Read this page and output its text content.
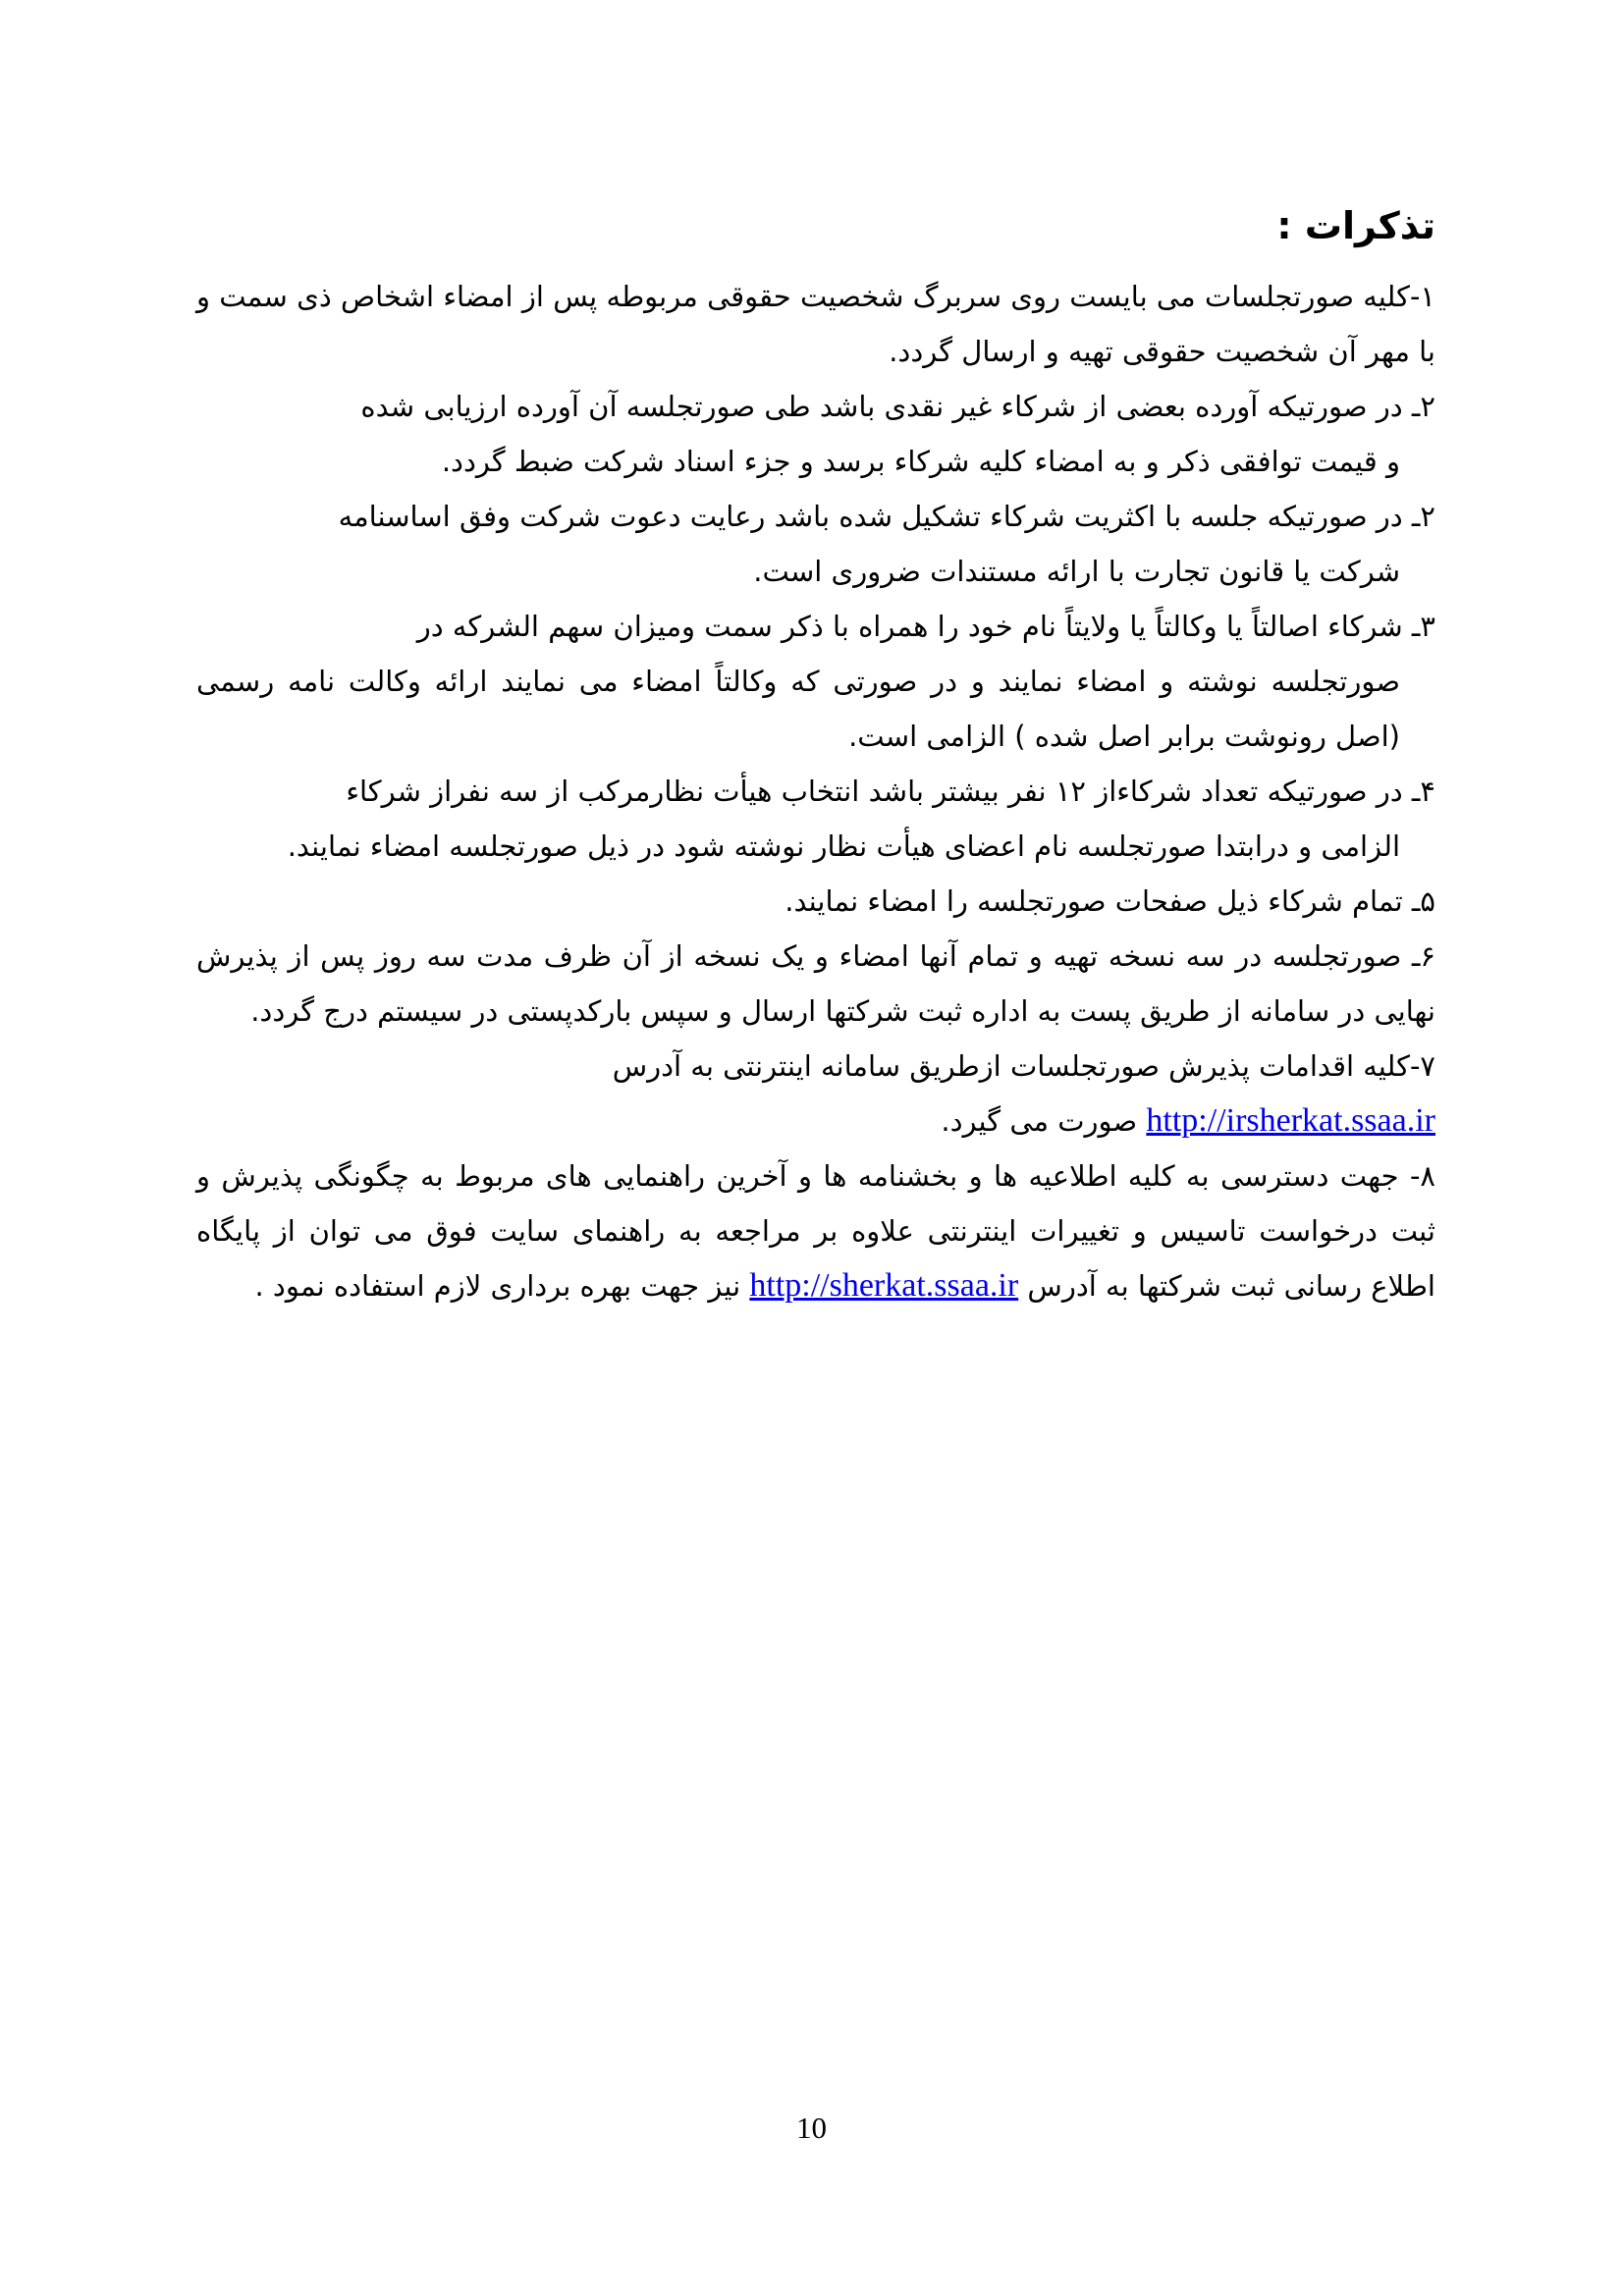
تذکرات :

۱-کلیه صورتجلسات می بایست روی سربرگ شخصیت حقوقی مربوطه پس از امضاء اشخاص ذی سمت و با مهر آن شخصیت حقوقی تهیه و ارسال گردد.

۲ـ در صورتیکه آورده بعضی از شرکاء غیر نقدی باشد طی صورتجلسه آن آورده ارزیابی شده
و قیمت توافقی ذکر و به امضاء کلیه شرکاء برسد و جزء اسناد شرکت ضبط گردد.

۲ـ در صورتیکه جلسه با اکثریت شرکاء تشکیل شده باشد رعایت دعوت شرکت وفق اساسنامه
شرکت یا قانون تجارت با ارائه مستندات ضروری است.

۳ـ شرکاء اصالتاً یا وکالتاً یا ولایتاً نام خود را همراه با ذکر سمت ومیزان سهم الشرکه در
صورتجلسه نوشته و امضاء نمایند و در صورتی که وکالتاً امضاء می نمایند ارائه وکالت نامه رسمی (اصل رونوشت برابر اصل شده ) الزامی است.

۴ـ در صورتیکه تعداد شرکاءاز ۱۲ نفر بیشتر باشد انتخاب هیأت نظارمرکب از سه نفراز شرکاء
الزامی و درابتدا صورتجلسه نام اعضای هیأت نظار نوشته شود در ذیل صورتجلسه امضاء نمایند.

۵ـ تمام شرکاء ذیل صفحات صورتجلسه را امضاء نمایند.

۶ـ صورتجلسه در سه نسخه تهیه و تمام آنها امضاء و یک نسخه از آن ظرف مدت سه روز پس از پذیرش نهایی در سامانه از طریق پست به اداره ثبت شرکتها ارسال و سپس بارکدپستی در سیستم درج گردد.

۷-کلیه اقدامات پذیرش صورتجلسات ازطریق سامانه اینترنتی به آدرس
http://irsherkat.ssaa.ir صورت می گیرد.

۸- جهت دسترسی به کلیه اطلاعیه ها و بخشنامه ها و آخرین راهنمایی های مربوط به چگونگی پذیرش و ثبت درخواست تاسیس و تغییرات اینترنتی علاوه بر مراجعه به راهنمای سایت فوق می توان از پایگاه اطلاع رسانی ثبت شرکتها به آدرس http://sherkat.ssaa.ir نیز جهت بهره برداری لازم استفاده نمود .

10
